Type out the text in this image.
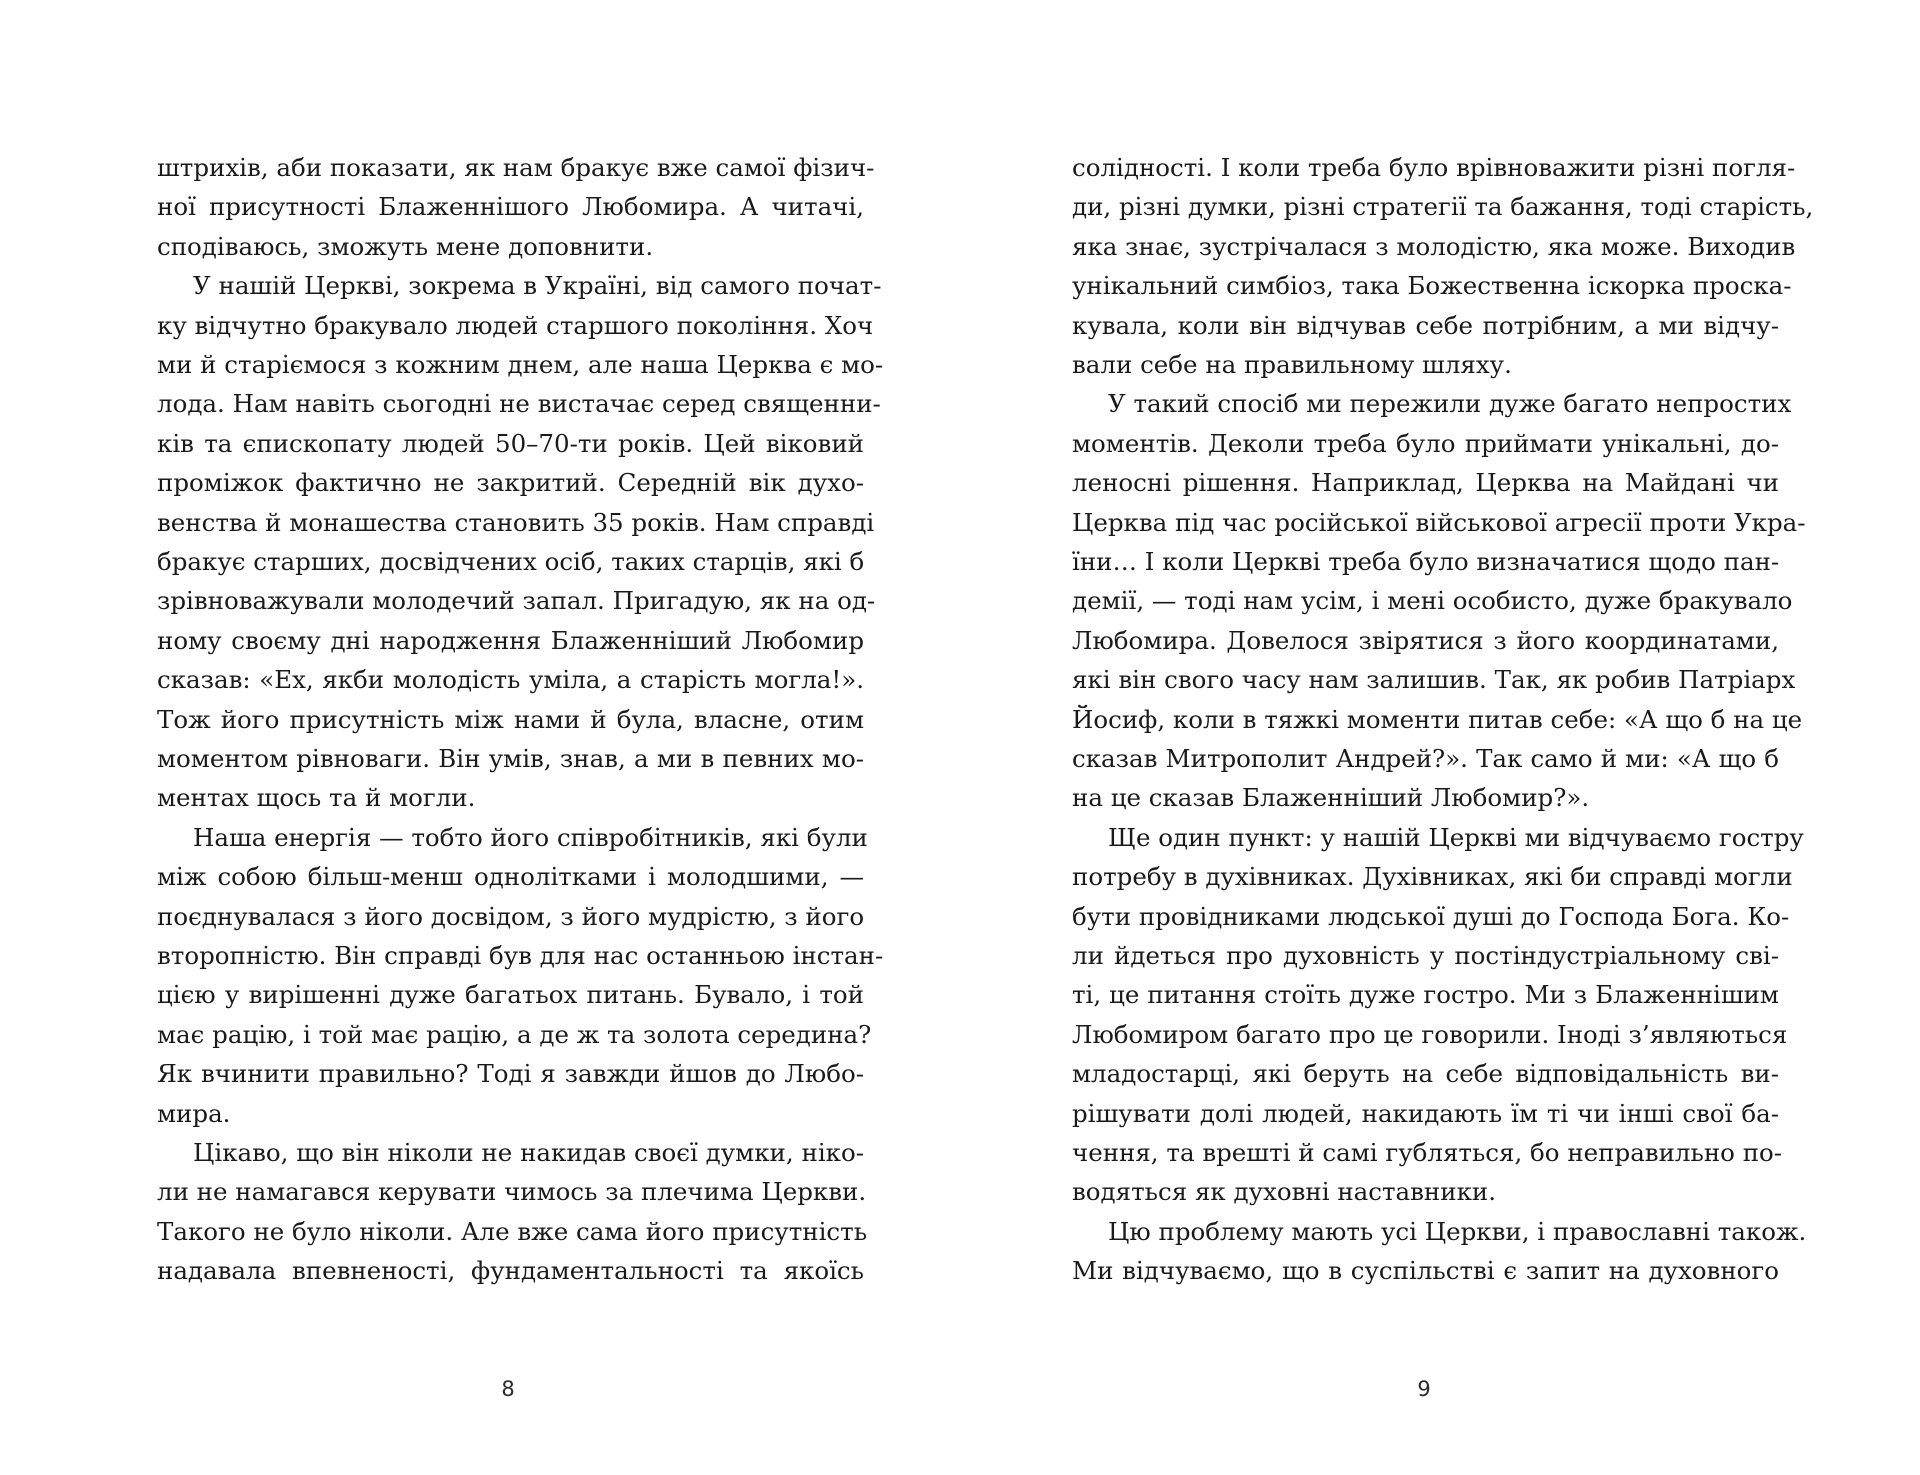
штрихів, аби показати, як нам бракує вже самої фізич-
ної присутності Блаженнішого Любомира. А читачі,
сподіваюсь, зможуть мене доповнити.
У нашій Церкві, зокрема в Україні, від самого почат-
ку відчутно бракувало людей старшого покоління. Хоч
ми й старіємося з кожним днем, але наша Церква є мо-
лода. Нам навіть сьогодні не вистачає серед священни-
ків та єпископату людей 50–70-ти років. Цей віковий
проміжок фактично не закритий. Середній вік духо-
венства й монашества становить 35 років. Нам справді
бракує старших, досвідчених осіб, таких старців, які б
зрівноважували молодечий запал. Пригадую, як на од-
ному своєму дні народження Блаженніший Любомир
сказав: «Ех, якби молодість уміла, а старість могла!».
Тож його присутність між нами й була, власне, отим
моментом рівноваги. Він умів, знав, а ми в певних мо-
ментах щось та й могли.
Наша енергія — тобто його співробітників, які були
між собою більш-менш однолітками і молодшими, —
поєднувалася з його досвідом, з його мудрістю, з його
второпністю. Він справді був для нас останньою інстан-
цією у вирішенні дуже багатьох питань. Бувало, і той
має рацію, і той має рацію, а де ж та золота середина?
Як вчинити правильно? Тоді я завжди йшов до Любо-
мира.
Цікаво, що він ніколи не накидав своєї думки, ніко-
ли не намагався керувати чимось за плечима Церкви.
Такого не було ніколи. Але вже сама його присутність
надавала впевненості, фундаментальності та якоїсь
солідності. І коли треба було врівноважити різні погля-
ди, різні думки, різні стратегії та бажання, тоді старість,
яка знає, зустрічалася з молодістю, яка може. Виходив
унікальний симбіоз, така Божественна іскорка проска-
кувала, коли він відчував себе потрібним, а ми відчу-
вали себе на правильному шляху.
У такий спосіб ми пережили дуже багато непростих
моментів. Деколи треба було приймати унікальні, до-
леносні рішення. Наприклад, Церква на Майдані чи
Церква під час російської військової агресії проти Укра-
їни… І коли Церкві треба було визначатися щодо пан-
демії, — тоді нам усім, і мені особисто, дуже бракувало
Любомира. Довелося звірятися з його координатами,
які він свого часу нам залишив. Так, як робив Патріарх
Йосиф, коли в тяжкі моменти питав себе: «А що б на це
сказав Митрополит Андрей?». Так само й ми: «А що б
на це сказав Блаженніший Любомир?».
Ще один пункт: у нашій Церкві ми відчуваємо гостру
потребу в духівниках. Духівниках, які би справді могли
бути провідниками людської душі до Господа Бога. Ко-
ли йдеться про духовність у постіндустріальному сві-
ті, це питання стоїть дуже гостро. Ми з Блаженнішим
Любомиром багато про це говорили. Іноді з’являються
младостарці, які беруть на себе відповідальність ви-
рішувати долі людей, накидають їм ті чи інші свої ба-
чення, та врешті й самі губляться, бо неправильно по-
водяться як духовні наставники.
Цю проблему мають усі Церкви, і православні також.
Ми відчуваємо, що в суспільстві є запит на духовного
8	9
